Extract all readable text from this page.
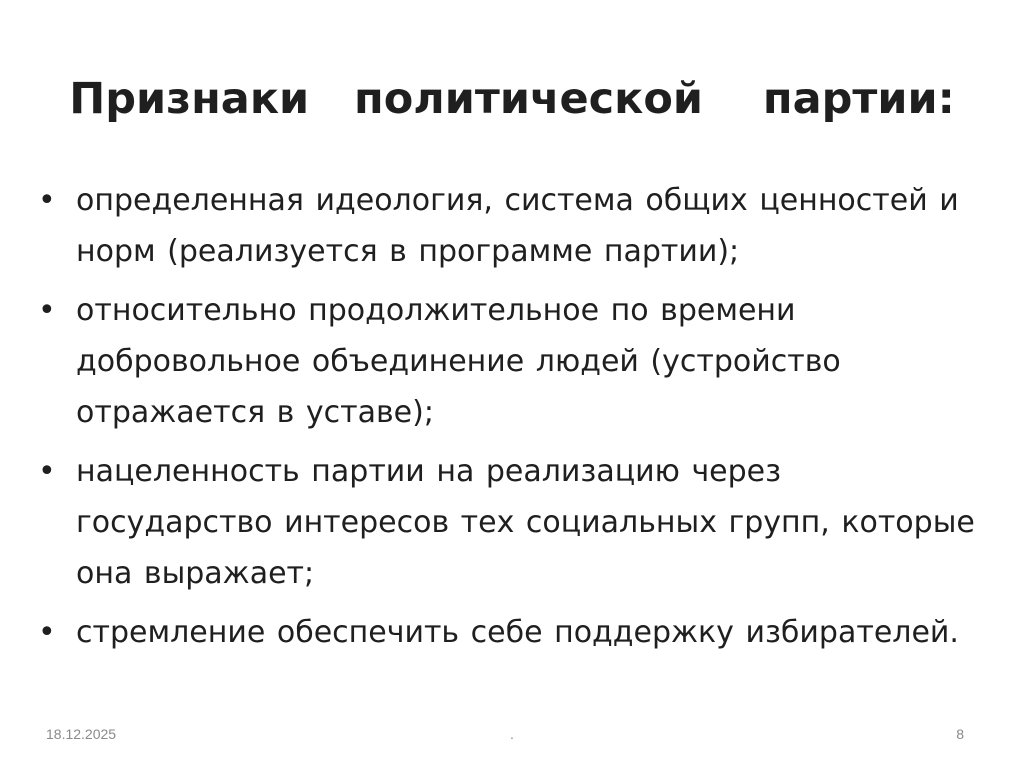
Признаки   политической    партии:
• определенная идеология, система общих ценностей и норм (реализуется в программе партии);
• относительно продолжительное по времени добровольное объединение людей (устройство отражается в уставе);
• нацеленность партии на реализацию через государство интересов тех социальных групп, которые она выражает;
• стремление обеспечить себе поддержку избирателей.
18.12.2025	.	8
